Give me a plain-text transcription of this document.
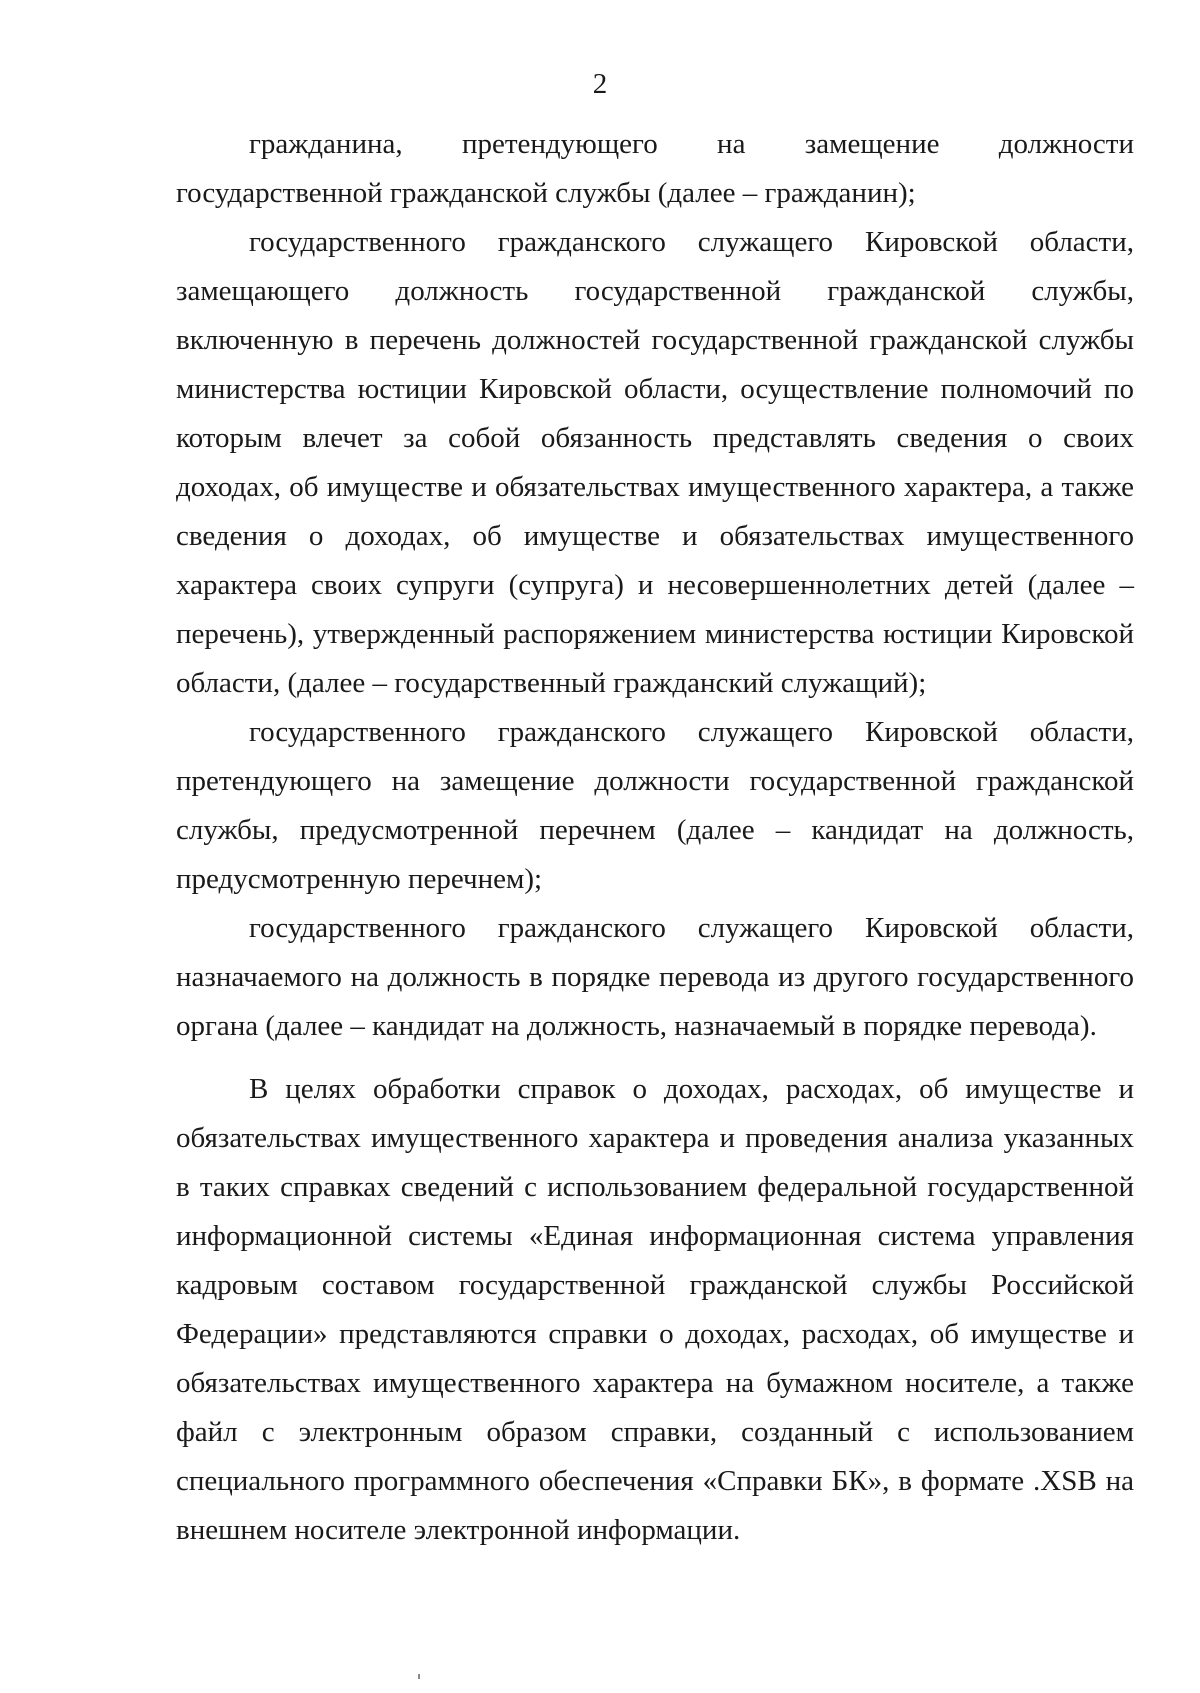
2

гражданина, претендующего на замещение должности государственной гражданской службы (далее – гражданин);

государственного гражданского служащего Кировской области, замещающего должность государственной гражданской службы, включенную в перечень должностей государственной гражданской службы министерства юстиции Кировской области, осуществление полномочий по которым влечет за собой обязанность представлять сведения о своих доходах, об имуществе и обязательствах имущественного характера, а также сведения о доходах, об имуществе и обязательствах имущественного характера своих супруги (супруга) и несовершеннолетних детей (далее – перечень), утвержденный распоряжением министерства юстиции Кировской области, (далее – государственный гражданский служащий);

государственного гражданского служащего Кировской области, претендующего на замещение должности государственной гражданской службы, предусмотренной перечнем (далее – кандидат на должность, предусмотренную перечнем);

государственного гражданского служащего Кировской области, назначаемого на должность в порядке перевода из другого государственного органа (далее – кандидат на должность, назначаемый в порядке перевода).

В целях обработки справок о доходах, расходах, об имуществе и обязательствах имущественного характера и проведения анализа указанных в таких справках сведений с использованием федеральной государственной информационной системы «Единая информационная система управления кадровым составом государственной гражданской службы Российской Федерации» представляются справки о доходах, расходах, об имуществе и обязательствах имущественного характера на бумажном носителе, а также файл с электронным образом справки, созданный с использованием специального программного обеспечения «Справки БК», в формате .XSB на внешнем носителе электронной информации.
